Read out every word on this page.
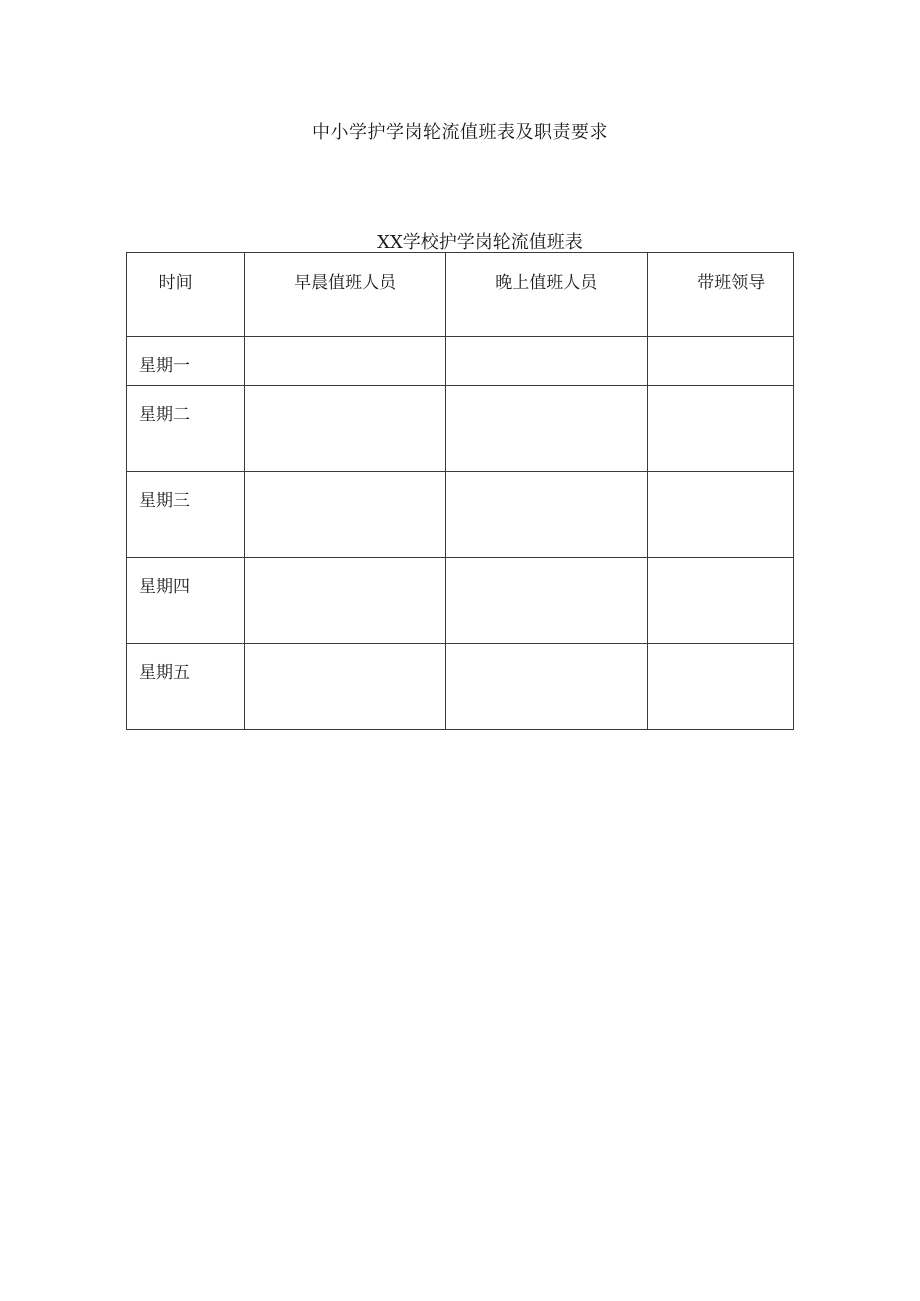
中小学护学岗轮流值班表及职责要求
XX学校护学岗轮流值班表
时间	早晨值班人员	晚上值班人员	带班领导
星期一			
星期二			
星期三			
星期四			
星期五			
